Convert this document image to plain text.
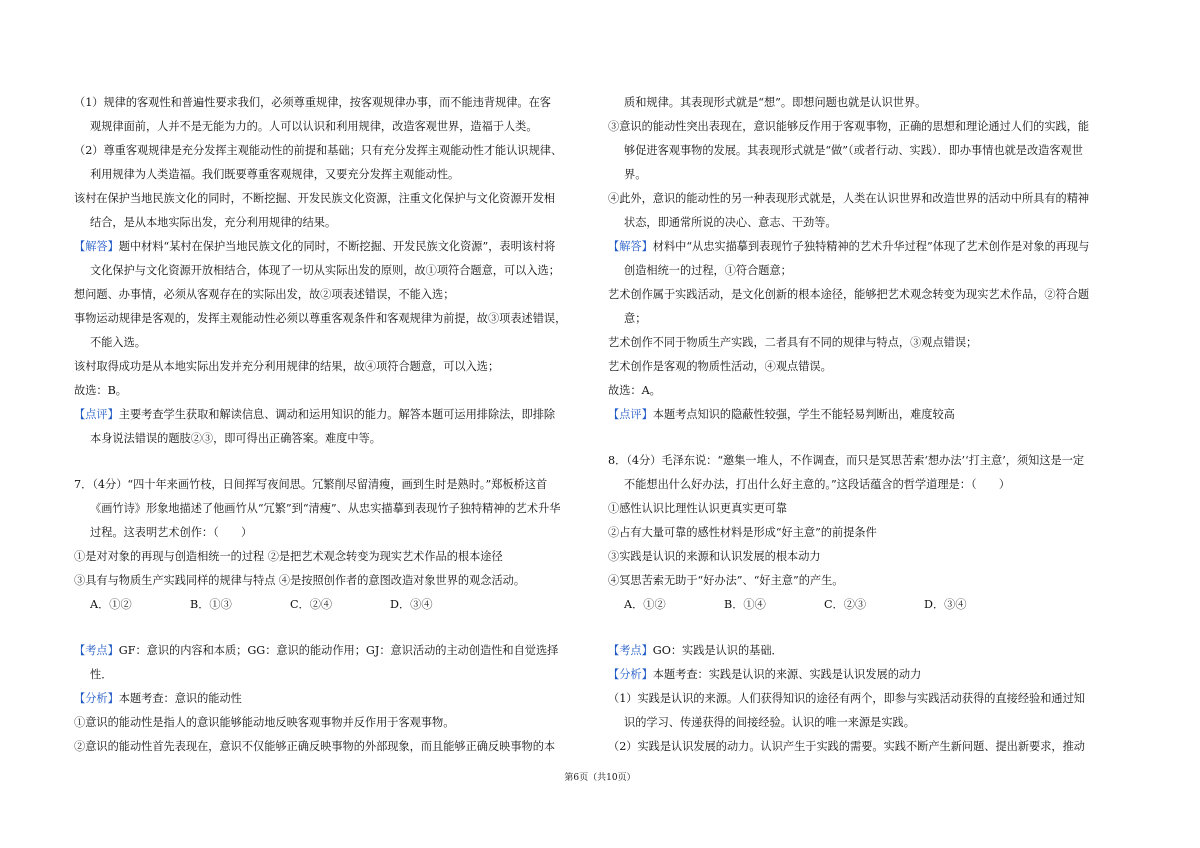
（1）规律的客观性和普遍性要求我们，必须尊重规律，按客观规律办事，而不能违背规律。在客
观规律面前，人并不是无能为力的。人可以认识和利用规律，改造客观世界，造福于人类。
（2）尊重客观规律是充分发挥主观能动性的前提和基础；只有充分发挥主观能动性才能认识规律、
利用规律为人类造福。我们既要尊重客观规律，又要充分发挥主观能动性。
该村在保护当地民族文化的同时，不断挖掘、开发民族文化资源，注重文化保护与文化资源开发相
结合，是从本地实际出发，充分利用规律的结果。
【解答】题中材料“某村在保护当地民族文化的同时，不断挖掘、开发民族文化资源”，表明该村将
文化保护与文化资源开放相结合，体现了一切从实际出发的原则，故①项符合题意，可以入选；
想问题、办事情，必须从客观存在的实际出发，故②项表述错误，不能入选；
事物运动规律是客观的，发挥主观能动性必须以尊重客观条件和客观规律为前提，故③项表述错误，
不能入选。
该村取得成功是从本地实际出发并充分利用规律的结果，故④项符合题意，可以入选；
故选：B。
【点评】主要考查学生获取和解读信息、调动和运用知识的能力。解答本题可运用排除法，即排除
本身说法错误的题肢②③，即可得出正确答案。难度中等。
7．（4分）“四十年来画竹枝，日间挥写夜间思。冗繁削尽留清瘦，画到生时是熟时。”郑板桥这首
《画竹诗》形象地描述了他画竹从“冗繁”到“清瘦”、从忠实描摹到表现竹子独特精神的艺术升华
过程。这表明艺术创作：（　　）
①是对对象的再现与创造相统一的过程 ②是把艺术观念转变为现实艺术作品的根本途径
③具有与物质生产实践同样的规律与特点 ④是按照创作者的意图改造对象世界的观念活动。
A．①②	B．①③	C．②④	D．③④
【考点】GF：意识的内容和本质；GG：意识的能动作用；GJ：意识活动的主动创造性和自觉选择
性．
【分析】本题考查：意识的能动性
①意识的能动性是指人的意识能够能动地反映客观事物并反作用于客观事物。
②意识的能动性首先表现在，意识不仅能够正确反映事物的外部现象，而且能够正确反映事物的本
质和规律。其表现形式就是“想”。即想问题也就是认识世界。
③意识的能动性突出表现在，意识能够反作用于客观事物，正确的思想和理论通过人们的实践，能
够促进客观事物的发展。其表现形式就是“做”（或者行动、实践）．即办事情也就是改造客观世
界。
④此外，意识的能动性的另一种表现形式就是，人类在认识世界和改造世界的活动中所具有的精神
状态，即通常所说的决心、意志、干劲等。
【解答】材料中“从忠实描摹到表现竹子独特精神的艺术升华过程”体现了艺术创作是对象的再现与
创造相统一的过程，①符合题意；
艺术创作属于实践活动，是文化创新的根本途径，能够把艺术观念转变为现实艺术作品，②符合题
意；
艺术创作不同于物质生产实践，二者具有不同的规律与特点，③观点错误；
艺术创作是客观的物质性活动，④观点错误。
故选：A。
【点评】本题考点知识的隐蔽性较强，学生不能轻易判断出，难度较高
8．（4分）毛泽东说：“邀集一堆人，不作调查，而只是冥思苦索‘想办法’‘打主意’，须知这是一定
不能想出什么好办法，打出什么好主意的。”这段话蕴含的哲学道理是：（　　）
①感性认识比理性认识更真实更可靠
②占有大量可靠的感性材料是形成“好主意”的前提条件
③实践是认识的来源和认识发展的根本动力
④冥思苦索无助于“好办法”、“好主意”的产生。
A．①②	B．①④	C．②③	D．③④
【考点】GO：实践是认识的基础．
【分析】本题考查：实践是认识的来源、实践是认识发展的动力
（1）实践是认识的来源。人们获得知识的途径有两个，即参与实践活动获得的直接经验和通过知
识的学习、传递获得的间接经验。认识的唯一来源是实践。
（2）实践是认识发展的动力。认识产生于实践的需要。实践不断产生新问题、提出新要求，推动
第6页（共10页）
